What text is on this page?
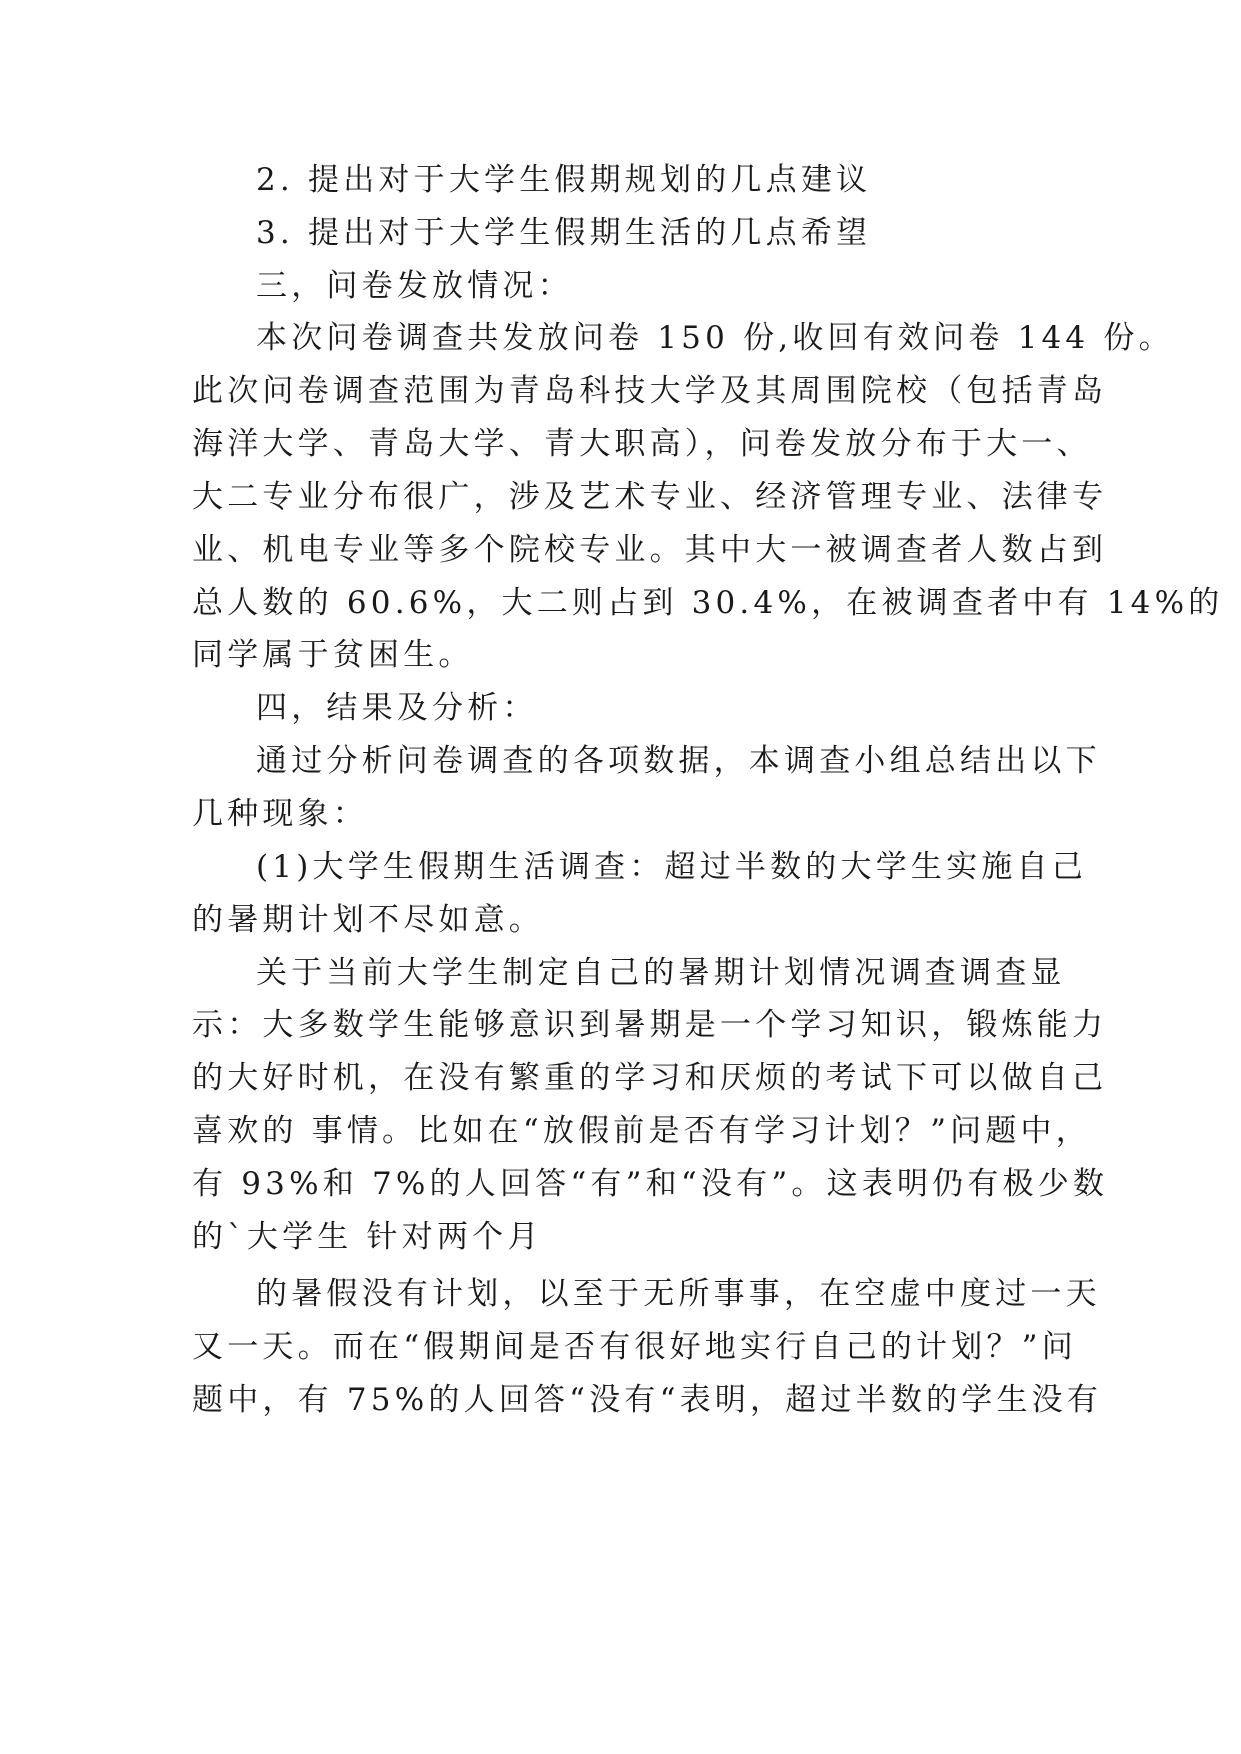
2. 提出对于大学生假期规划的几点建议
3. 提出对于大学生假期生活的几点希望
三，问卷发放情况：
本次问卷调查共发放问卷 150 份,收回有效问卷 144 份。
此次问卷调查范围为青岛科技大学及其周围院校（包括青岛
海洋大学、青岛大学、青大职高），问卷发放分布于大一、
大二专业分布很广，涉及艺术专业、经济管理专业、法律专
业、机电专业等多个院校专业。其中大一被调查者人数占到
总人数的 60.6%，大二则占到 30.4%，在被调查者中有 14%的
同学属于贫困生。
四，结果及分析：
通过分析问卷调查的各项数据，本调查小组总结出以下
几种现象：
(1)大学生假期生活调查：超过半数的大学生实施自己
的暑期计划不尽如意。
关于当前大学生制定自己的暑期计划情况调查调查显
示：大多数学生能够意识到暑期是一个学习知识，锻炼能力
的大好时机，在没有繁重的学习和厌烦的考试下可以做自己
喜欢的 事情。比如在“放假前是否有学习计划？”问题中，
有 93%和 7%的人回答“有”和“没有”。这表明仍有极少数
的`大学生 针对两个月
的暑假没有计划，以至于无所事事，在空虚中度过一天
又一天。而在“假期间是否有很好地实行自己的计划？”问
题中，有 75%的人回答“没有“表明，超过半数的学生没有
